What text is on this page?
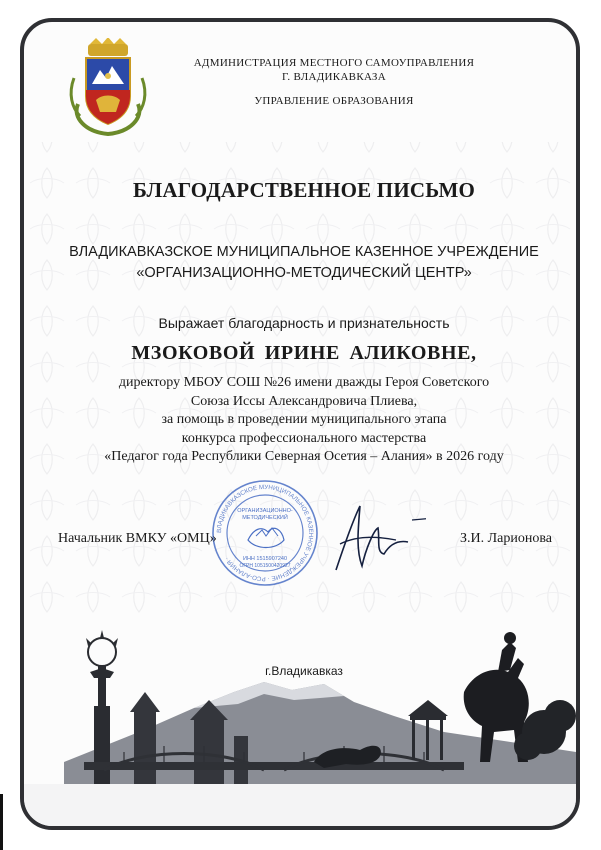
АДМИНИСТРАЦИЯ МЕСТНОГО САМОУПРАВЛЕНИЯ
Г. ВЛАДИКАВКАЗА
УПРАВЛЕНИЕ ОБРАЗОВАНИЯ
БЛАГОДАРСТВЕННОЕ ПИСЬМО
ВЛАДИКАВКАЗСКОЕ МУНИЦИПАЛЬНОЕ КАЗЕННОЕ УЧРЕЖДЕНИЕ
«ОРГАНИЗАЦИОННО-МЕТОДИЧЕСКИЙ ЦЕНТР»
Выражает благодарность и признательность
МЗОКОВОЙ ИРИНЕ АЛИКОВНЕ,
директору МБОУ СОШ №26 имени дважды Героя Советского
Союза Иссы Александровича Плиева,
за помощь в проведении муниципального этапа
конкурса профессионального мастерства
«Педагог года Республики Северная Осетия – Алания» в 2026 году
ВЛАДИКАВКАЗСКОЕ МУНИЦИПАЛЬНОЕ КАЗЕННОЕ УЧРЕЖДЕНИЕ · РСО-АЛАНИЯ ·
ОРГАНИЗАЦИОННО-
МЕТОДИЧЕСКИЙ
ИНН 1515907240
ОГРН 1051500420927
Начальник ВМКУ «ОМЦ»	З.И. Ларионова
г.Владикавказ
